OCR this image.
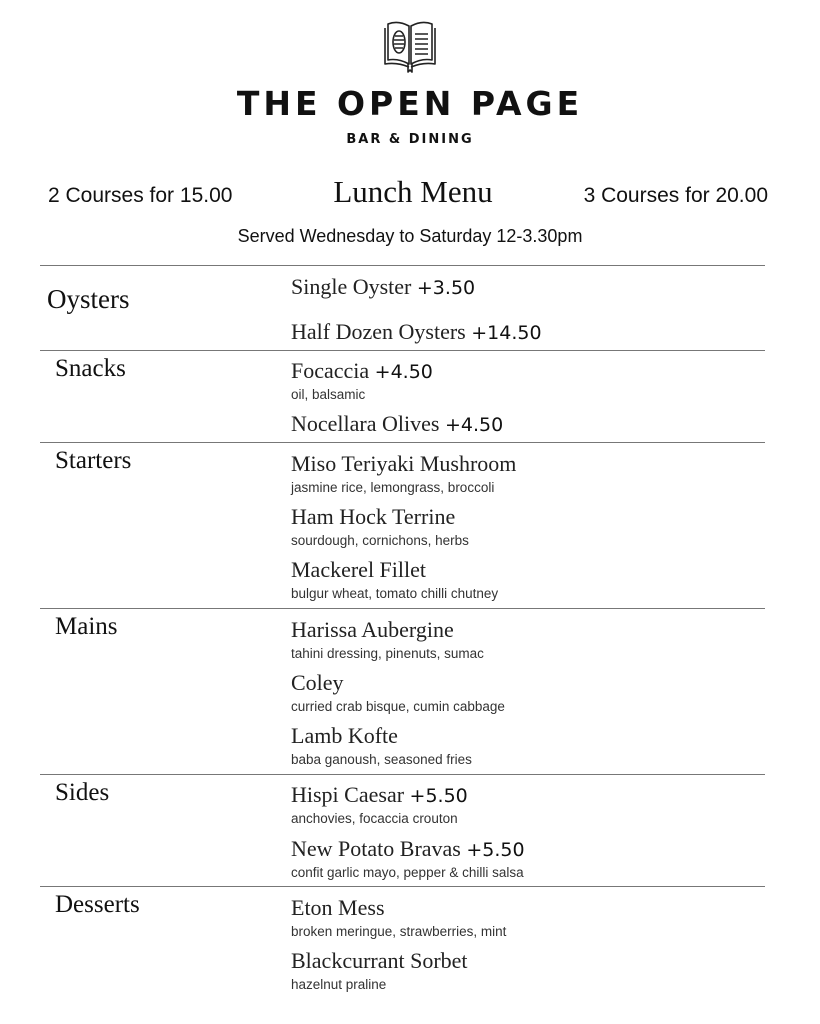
THE OPEN PAGE
BAR & DINING
2 Courses for 15.00	Lunch Menu	3 Courses for 20.00
Served Wednesday to Saturday 12-3.30pm
Oysters	Single Oyster +3.50
Half Dozen Oysters +14.50
Snacks	Focaccia +4.50
oil, balsamic
Nocellara Olives +4.50
Starters	Miso Teriyaki Mushroom
jasmine rice, lemongrass, broccoli
Ham Hock Terrine
sourdough, cornichons, herbs
Mackerel Fillet
bulgur wheat, tomato chilli chutney
Mains	Harissa Aubergine
tahini dressing, pinenuts, sumac
Coley
curried crab bisque, cumin cabbage
Lamb Kofte
baba ganoush, seasoned fries
Sides	Hispi Caesar +5.50
anchovies, focaccia crouton
New Potato Bravas +5.50
confit garlic mayo, pepper & chilli salsa
Desserts	Eton Mess
broken meringue, strawberries, mint
Blackcurrant Sorbet
hazelnut praline
